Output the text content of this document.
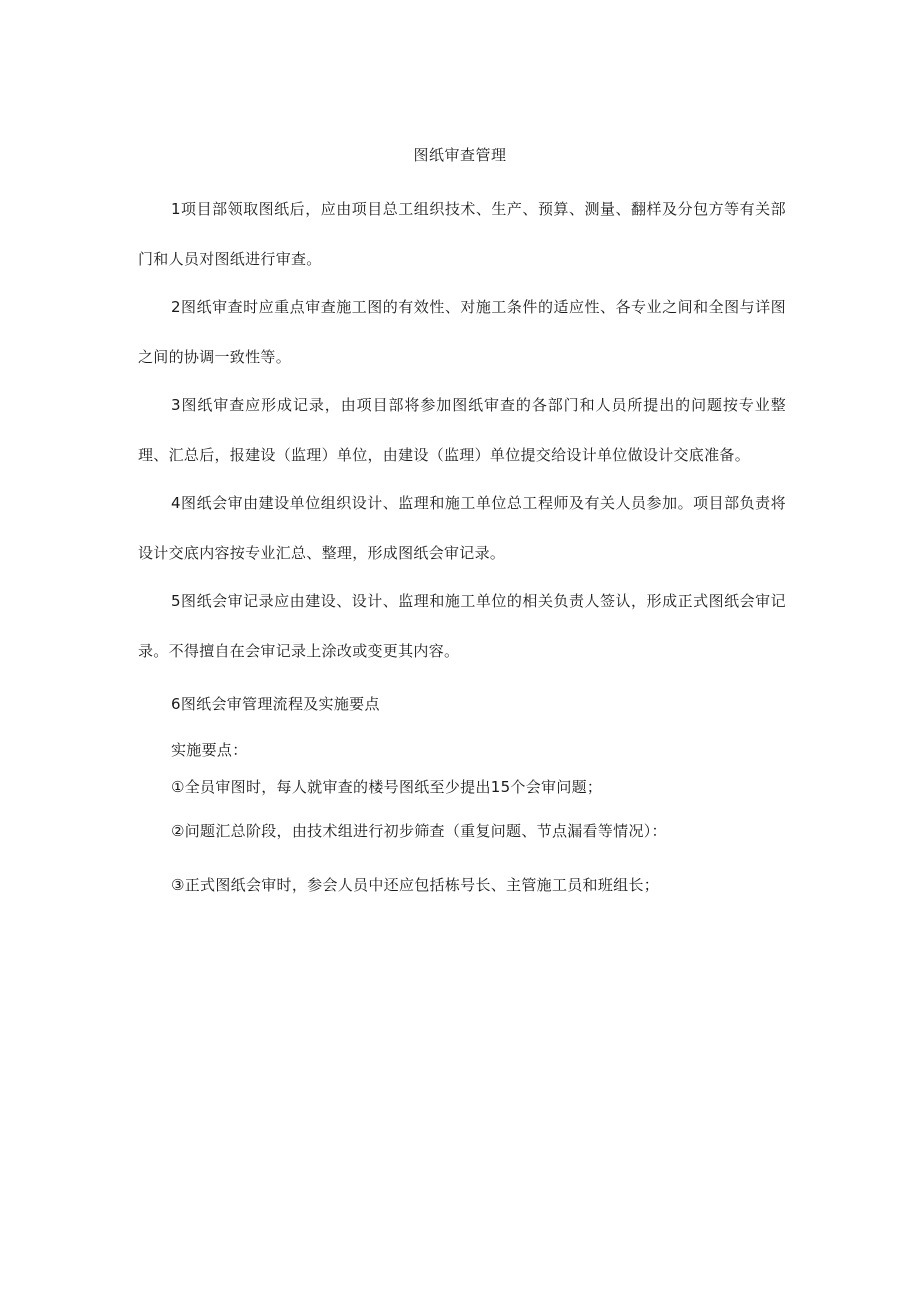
图纸审查管理

1项目部领取图纸后，应由项目总工组织技术、生产、预算、测量、翻样及分包方等有关部门和人员对图纸进行审查。

2图纸审查时应重点审查施工图的有效性、对施工条件的适应性、各专业之间和全图与详图之间的协调一致性等。

3图纸审查应形成记录，由项目部将参加图纸审查的各部门和人员所提出的问题按专业整理、汇总后，报建设（监理）单位，由建设（监理）单位提交给设计单位做设计交底准备。

4图纸会审由建设单位组织设计、监理和施工单位总工程师及有关人员参加。项目部负责将设计交底内容按专业汇总、整理，形成图纸会审记录。

5图纸会审记录应由建设、设计、监理和施工单位的相关负责人签认，形成正式图纸会审记录。不得擅自在会审记录上涂改或变更其内容。

6图纸会审管理流程及实施要点

实施要点：

①全员审图时，每人就审查的楼号图纸至少提出15个会审问题；

②问题汇总阶段，由技术组进行初步筛查（重复问题、节点漏看等情况）：

③正式图纸会审时，参会人员中还应包括栋号长、主管施工员和班组长；
